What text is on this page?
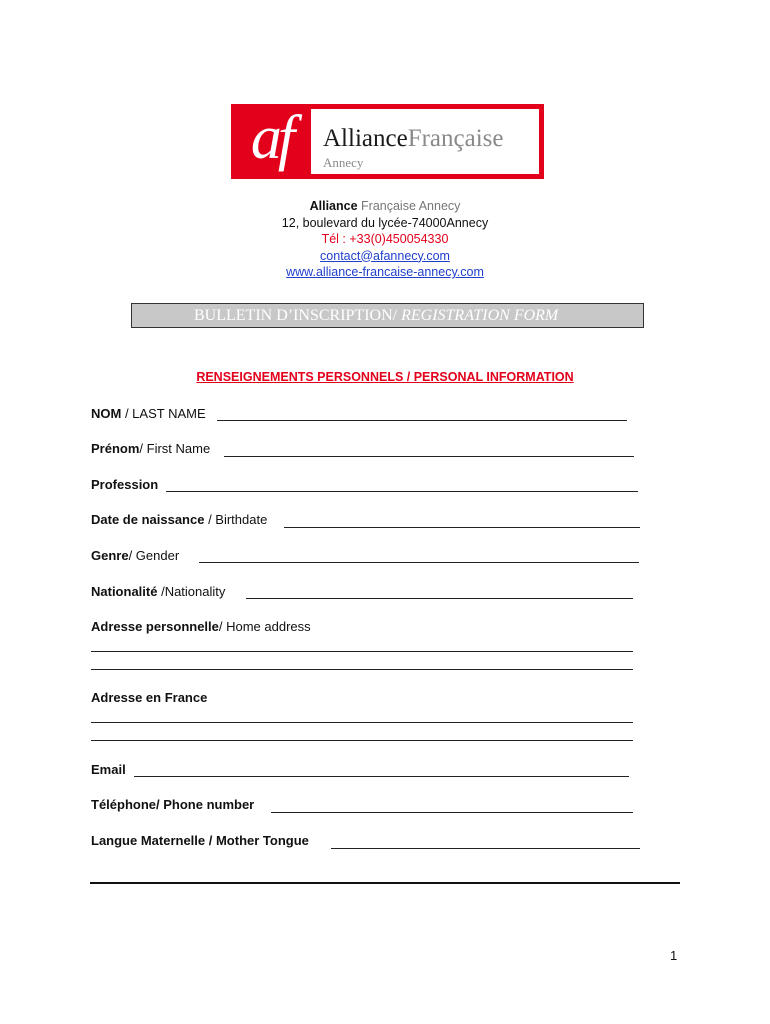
af	AllianceFrançaise
Annecy
Alliance Française Annecy
12, boulevard du lycée-74000Annecy
Tél : +33(0)450054330
contact@afannecy.com
www.alliance-francaise-annecy.com
BULLETIN D’INSCRIPTION/ REGISTRATION FORM
RENSEIGNEMENTS PERSONNELS / PERSONAL INFORMATION
NOM / LAST NAME
Prénom/ First Name
Profession
Date de naissance / Birthdate
Genre/ Gender
Nationalité /Nationality
Adresse personnelle/ Home address
Adresse en France
Email
Téléphone/ Phone number
Langue Maternelle / Mother Tongue
1
